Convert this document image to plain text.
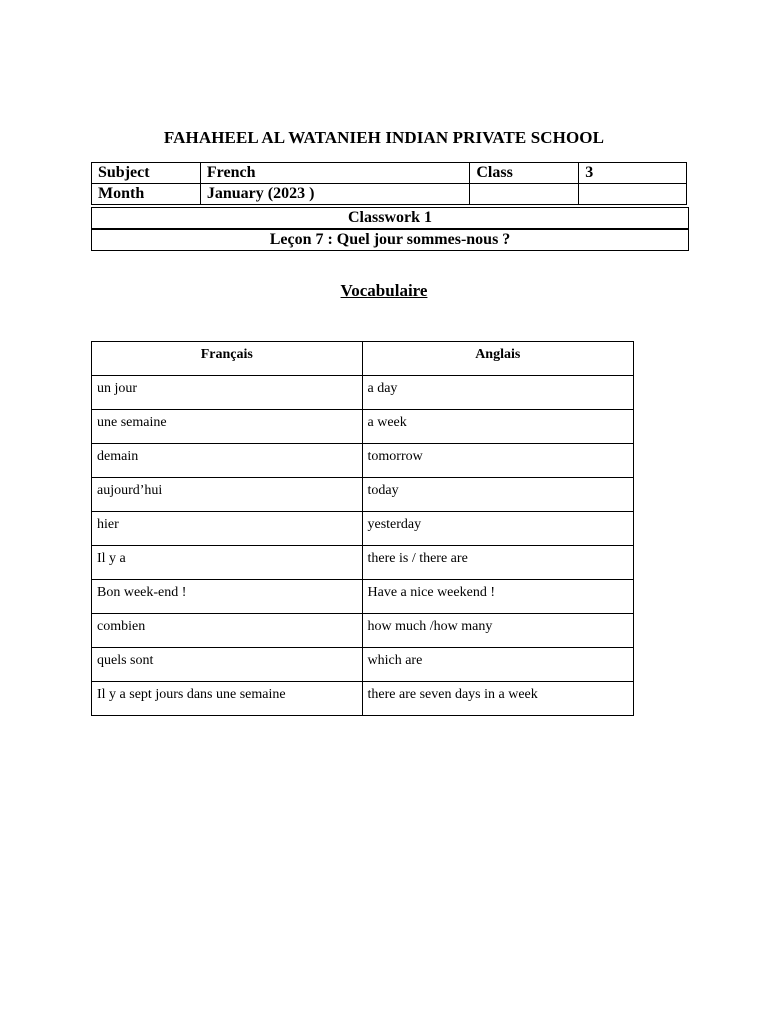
FAHAHEEL AL WATANIEH INDIAN PRIVATE SCHOOL
Subject	French	Class	3
Month	January (2023 )		
Classwork 1
Leçon 7 : Quel jour sommes-nous ?
Vocabulaire
Français	Anglais
un jour	a day
une semaine	a week
demain	tomorrow
aujourd’hui	today
hier	yesterday
Il y a	there is / there are
Bon week-end !	Have a nice weekend !
combien	how much /how many
quels sont	which are
Il y a sept jours dans une semaine	there are seven days in a week
